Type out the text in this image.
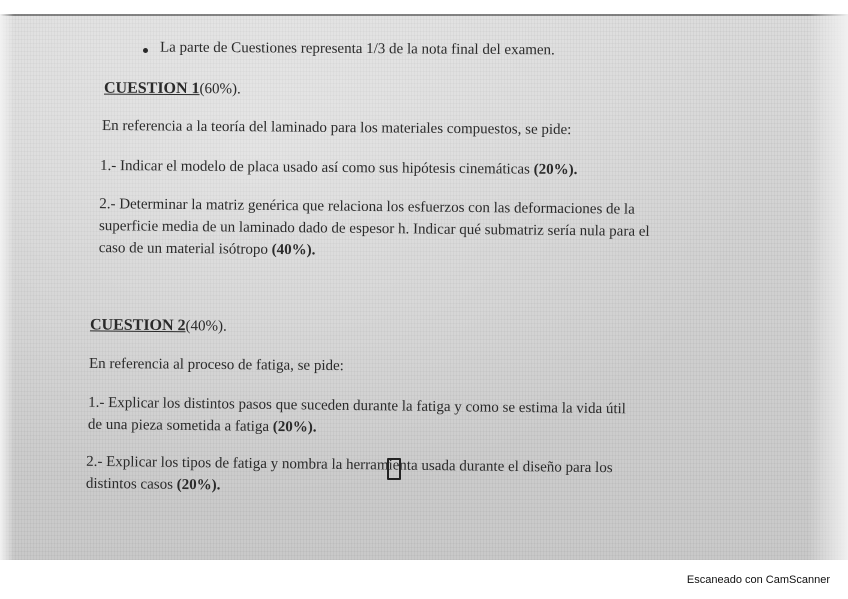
La parte de Cuestiones representa 1/3 de la nota final del examen.
CUESTION 1(60%).
En referencia a la teoría del laminado para los materiales compuestos, se pide:
1.- Indicar el modelo de placa usado así como sus hipótesis cinemáticas (20%).
2.- Determinar la matriz genérica que relaciona los esfuerzos con las deformaciones de la
superficie media de un laminado dado de espesor h. Indicar qué submatriz sería nula para el
caso de un material isótropo (40%).
CUESTION 2(40%).
En referencia al proceso de fatiga, se pide:
1.- Explicar los distintos pasos que suceden durante la fatiga y como se estima la vida útil
de una pieza sometida a fatiga (20%).
2.- Explicar los tipos de fatiga y nombra la herramienta usada durante el diseño para los
distintos casos (20%).
Escaneado con CamScanner
